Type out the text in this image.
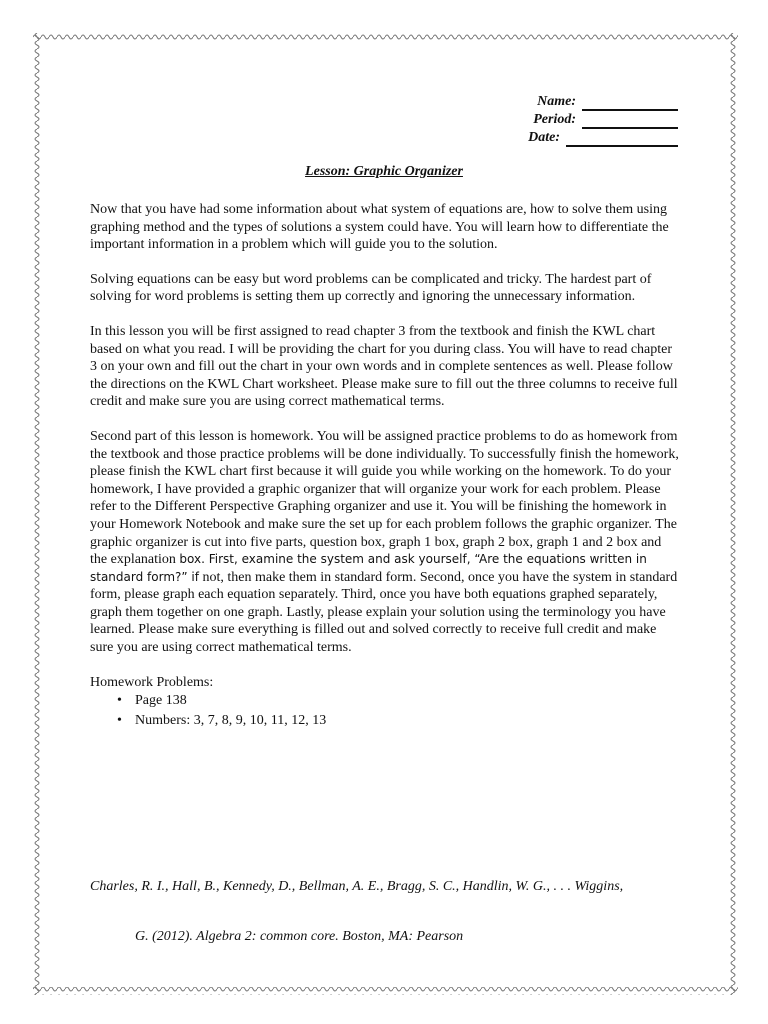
Name:
Period:
Date:
Lesson: Graphic Organizer

Now that you have had some information about what system of equations are, how to solve them using graphing method and the types of solutions a system could have. You will learn how to differentiate the important information in a problem which will guide you to the solution.

Solving equations can be easy but word problems can be complicated and tricky. The hardest part of solving for word problems is setting them up correctly and ignoring the unnecessary information.

In this lesson you will be first assigned to read chapter 3 from the textbook and finish the KWL chart based on what you read. I will be providing the chart for you during class. You will have to read chapter 3 on your own and fill out the chart in your own words and in complete sentences as well. Please follow the directions on the KWL Chart worksheet. Please make sure to fill out the three columns to receive full credit and make sure you are using correct mathematical terms.

Second part of this lesson is homework. You will be assigned practice problems to do as homework from the textbook and those practice problems will be done individually. To successfully finish the homework, please finish the KWL chart first because it will guide you while working on the homework. To do your homework, I have provided a graphic organizer that will organize your work for each problem. Please refer to the Different Perspective Graphing organizer and use it. You will be finishing the homework in your Homework Notebook and make sure the set up for each problem follows the graphic organizer. The graphic organizer is cut into five parts, question box, graph 1 box, graph 2 box, graph 1 and 2 box and the explanation box. First, examine the system and ask yourself, “Are the equations written in standard form?” if not, then make them in standard form. Second, once you have the system in standard form, please graph each equation separately. Third, once you have both equations graphed separately, graph them together on one graph. Lastly, please explain your solution using the terminology you have learned. Please make sure everything is filled out and solved correctly to receive full credit and make sure you are using correct mathematical terms.

Homework Problems:

• Page 138
• Numbers: 3, 7, 8, 9, 10, 11, 12, 13
Charles, R. I., Hall, B., Kennedy, D., Bellman, A. E., Bragg, S. C., Handlin, W. G., . . . Wiggins,
G. (2012). Algebra 2: common core. Boston, MA: Pearson
